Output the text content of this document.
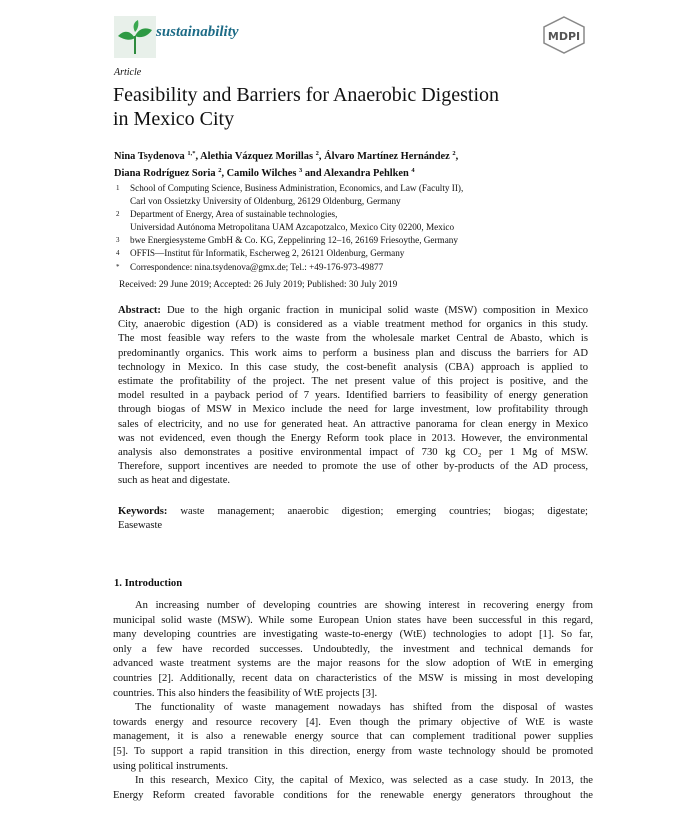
sustainability	MDPI
Article
Feasibility and Barriers for Anaerobic Digestion
in Mexico City
Nina Tsydenova $^{1,*}$, Alethia Vázquez Morillas $^2$, Álvaro Martínez Hernández $^2$,
Diana Rodríguez Soria $^2$, Camilo Wilches $^3$ and Alexandra Pehlken $^4$
1	School of Computing Science, Business Administration, Economics, and Law (Faculty II),
Carl von Ossietzky University of Oldenburg, 26129 Oldenburg, Germany
2	Department of Energy, Area of sustainable technologies,
Universidad Autónoma Metropolitana UAM Azcapotzalco, Mexico City 02200, Mexico
3	bwe Energiesysteme GmbH & Co. KG, Zeppelinring 12–16, 26169 Friesoythe, Germany
4	OFFIS—Institut für Informatik, Escherweg 2, 26121 Oldenburg, Germany
*	Correspondence: nina.tsydenova@gmx.de; Tel.: +49-176-973-49877
Received: 29 June 2019; Accepted: 26 July 2019; Published: 30 July 2019
Abstract: Due to the high organic fraction in municipal solid waste (MSW) composition in Mexico
City, anaerobic digestion (AD) is considered as a viable treatment method for organics in this study.
The most feasible way refers to the waste from the wholesale market Central de Abasto, which is
predominantly organics. This work aims to perform a business plan and discuss the barriers for AD
technology in Mexico. In this case study, the cost-benefit analysis (CBA) approach is applied to
estimate the profitability of the project. The net present value of this project is positive, and the
model resulted in a payback period of 7 years. Identified barriers to feasibility of energy generation
through biogas of MSW in Mexico include the need for large investment, low profitability through
sales of electricity, and no use for generated heat. An attractive panorama for clean energy in Mexico
was not evidenced, even though the Energy Reform took place in 2013. However, the environmental
analysis also demonstrates a positive environmental impact of 730 kg CO₂ per 1 Mg of MSW.
Therefore, support incentives are needed to promote the use of other by-products of the AD process,
such as heat and digestate.
Keywords: waste management; anaerobic digestion; emerging countries; biogas; digestate;
Easewaste
1. Introduction
An increasing number of developing countries are showing interest in recovering energy from
municipal solid waste (MSW). While some European Union states have been successful in this regard,
many developing countries are investigating waste-to-energy (WtE) technologies to adopt [1]. So far,
only a few have recorded successes. Undoubtedly, the investment and technical demands for
advanced waste treatment systems are the major reasons for the slow adoption of WtE in emerging
countries [2]. Additionally, recent data on characteristics of the MSW is missing in most developing
countries. This also hinders the feasibility of WtE projects [3].
The functionality of waste management nowadays has shifted from the disposal of wastes
towards energy and resource recovery [4]. Even though the primary objective of WtE is waste
management, it is also a renewable energy source that can complement traditional power supplies
[5]. To support a rapid transition in this direction, energy from waste technology should be promoted
using political instruments.
In this research, Mexico City, the capital of Mexico, was selected as a case study. In 2013, the
Energy Reform created favorable conditions for the renewable energy generators throughout the
